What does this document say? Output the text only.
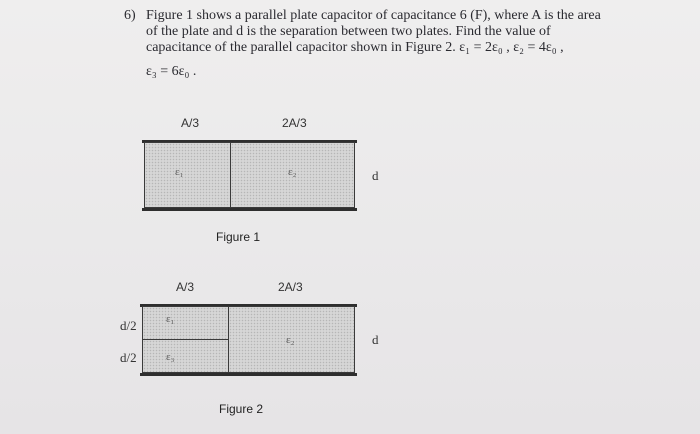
6) Figure 1 shows a parallel plate capacitor of capacitance 6 (F), where A is the area
of the plate and d is the separation between two plates. Find the value of
capacitance of the parallel capacitor shown in Figure 2. ε₁ = 2ε₀ , ε₂ = 4ε₀ ,
ε₃ = 6ε₀ .
A/3	2A/3
ε₁	ε₂	d
Figure 1
A/3	2A/3
ε₁
ε₃
ε₂
d/2
d/2
d
Figure 2
